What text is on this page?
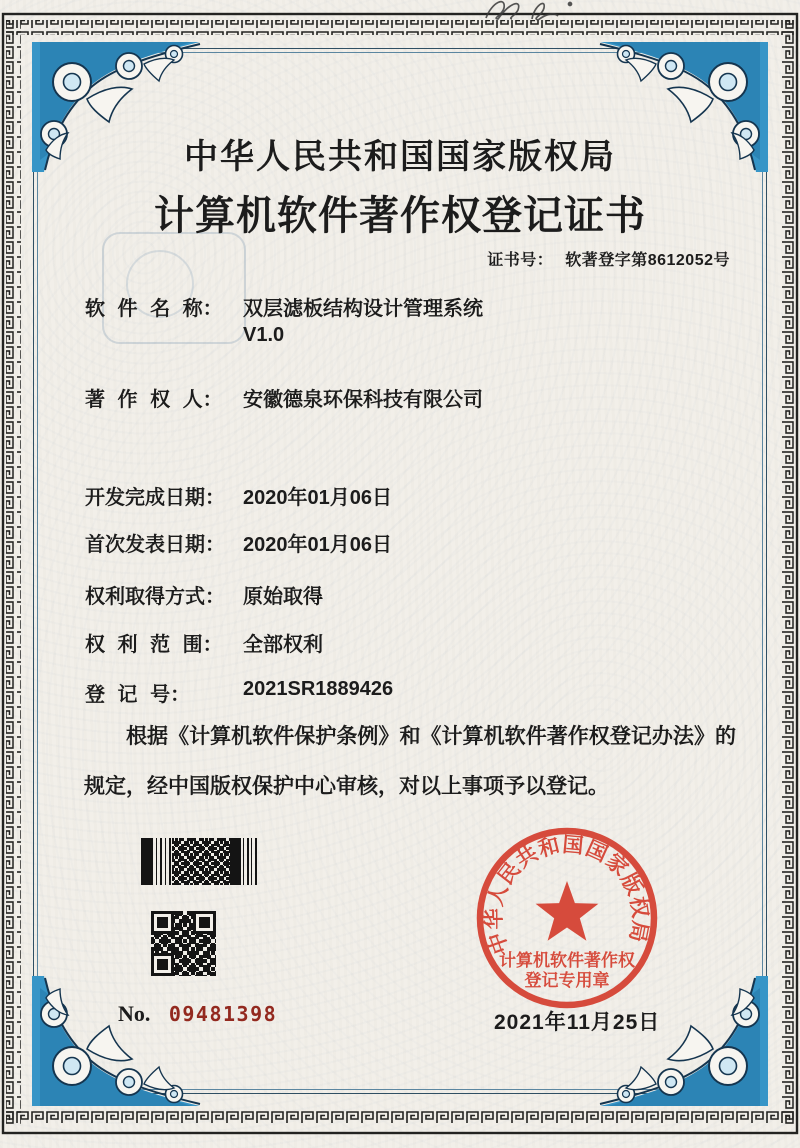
中华人民共和国国家版权局
计算机软件著作权登记证书
证书号： 软著登字第8612052号
软 件 名 称： 双层滤板结构设计管理系统
V1.0
著 作 权 人： 安徽德泉环保科技有限公司
开发完成日期： 2020年01月06日
首次发表日期： 2020年01月06日
权利取得方式： 原始取得
权 利 范 围： 全部权利
登 记 号：	2021SR1889426
根据《计算机软件保护条例》和《计算机软件著作权登记办法》的规定，经中国版权保护中心审核，对以上事项予以登记。
No. 09481398
中华人民共和国国家版权局
计算机软件著作权
登记专用章
2021年11月25日
